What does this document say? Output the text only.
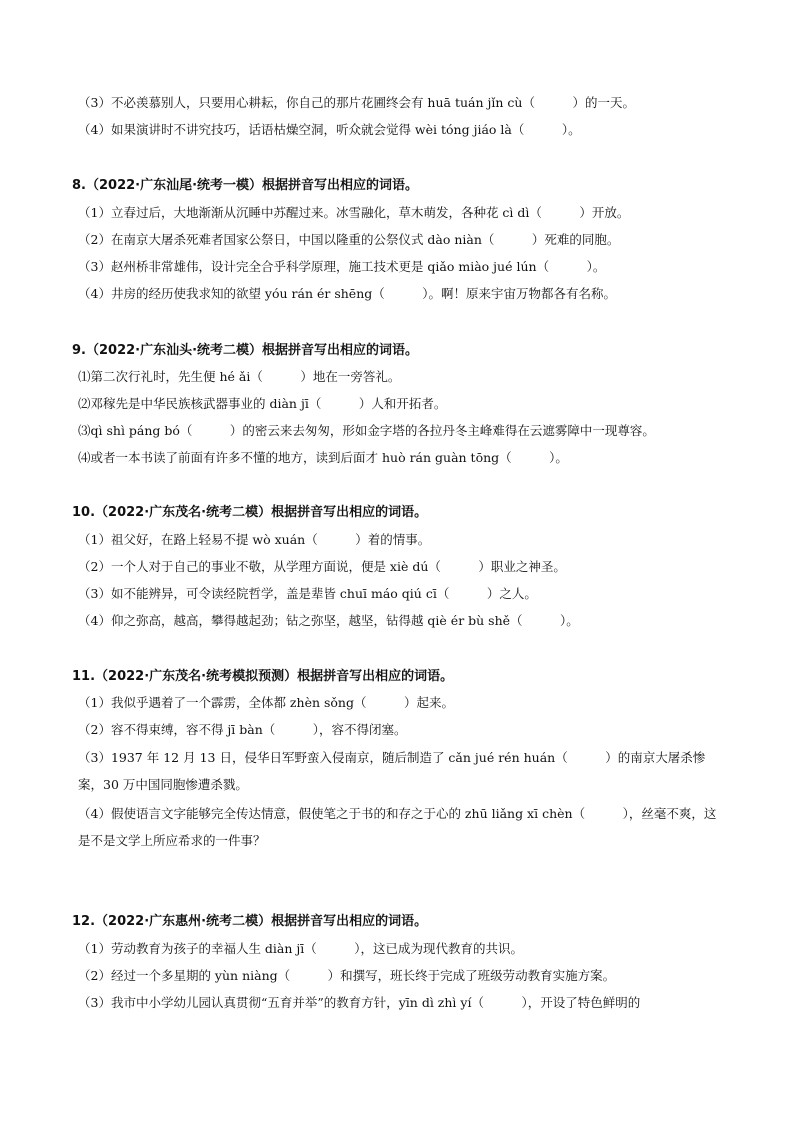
（3）不必羡慕别人，只要用心耕耘，你自己的那片花圃终会有 huā tuán jǐn cù（　　　）的一天。
（4）如果演讲时不讲究技巧，话语枯燥空洞，听众就会觉得 wèi tóng jiáo là（　　　）。
8.（2022·广东汕尾·统考一模）根据拼音写出相应的词语。
（1）立春过后，大地渐渐从沉睡中苏醒过来。冰雪融化，草木萌发，各种花 cì dì（　　　）开放。
（2）在南京大屠杀死难者国家公祭日，中国以隆重的公祭仪式 dào niàn（　　　）死难的同胞。
（3）赵州桥非常雄伟，设计完全合乎科学原理，施工技术更是 qiǎo miào jué lún（　　　）。
（4）井房的经历使我求知的欲望 yóu rán ér shēng（　　　）。啊！原来宇宙万物都各有名称。
9.（2022·广东汕头·统考二模）根据拼音写出相应的词语。
⑴第二次行礼时，先生便 hé ǎi（　　　）地在一旁答礼。
⑵邓稼先是中华民族核武器事业的 diàn jī（　　　）人和开拓者。
⑶qì shì páng bó（　　　）的密云来去匆匆，形如金字塔的各拉丹冬主峰难得在云遮雾障中一现尊容。
⑷或者一本书读了前面有许多不懂的地方，读到后面才 huò rán guàn tōng（　　　）。
10.（2022·广东茂名·统考二模）根据拼音写出相应的词语。
（1）祖父好，在路上轻易不提 wò xuán（　　　）着的情事。
（2）一个人对于自己的事业不敬，从学理方面说，便是 xiè dú（　　　）职业之神圣。
（3）如不能辨异，可令读经院哲学，盖是辈皆 chuī máo qiú cī（　　　）之人。
（4）仰之弥高，越高，攀得越起劲；钻之弥坚，越坚，钻得越 qiè ér bù shě（　　　）。
11.（2022·广东茂名·统考模拟预测）根据拼音写出相应的词语。
（1）我似乎遇着了一个霹雳，全体都 zhèn sǒng（　　　）起来。
（2）容不得束缚，容不得 jī bàn（　　　），容不得闭塞。
（3）1937 年 12 月 13 日，侵华日军野蛮入侵南京，随后制造了 cǎn jué rén huán（　　　）的南京大屠杀惨案，30 万中国同胞惨遭杀戮。
（4）假使语言文字能够完全传达情意，假使笔之于书的和存之于心的 zhū liǎng xī chèn（　　　），丝毫不爽，这是不是文学上所应希求的一件事？
12.（2022·广东惠州·统考二模）根据拼音写出相应的词语。
（1）劳动教育为孩子的幸福人生 diàn jī（　　　），这已成为现代教育的共识。
（2）经过一个多星期的 yùn niàng（　　　）和撰写，班长终于完成了班级劳动教育实施方案。
（3）我市中小学幼儿园认真贯彻“五育并举”的教育方针，yīn dì zhì yí（　　　），开设了特色鲜明的
